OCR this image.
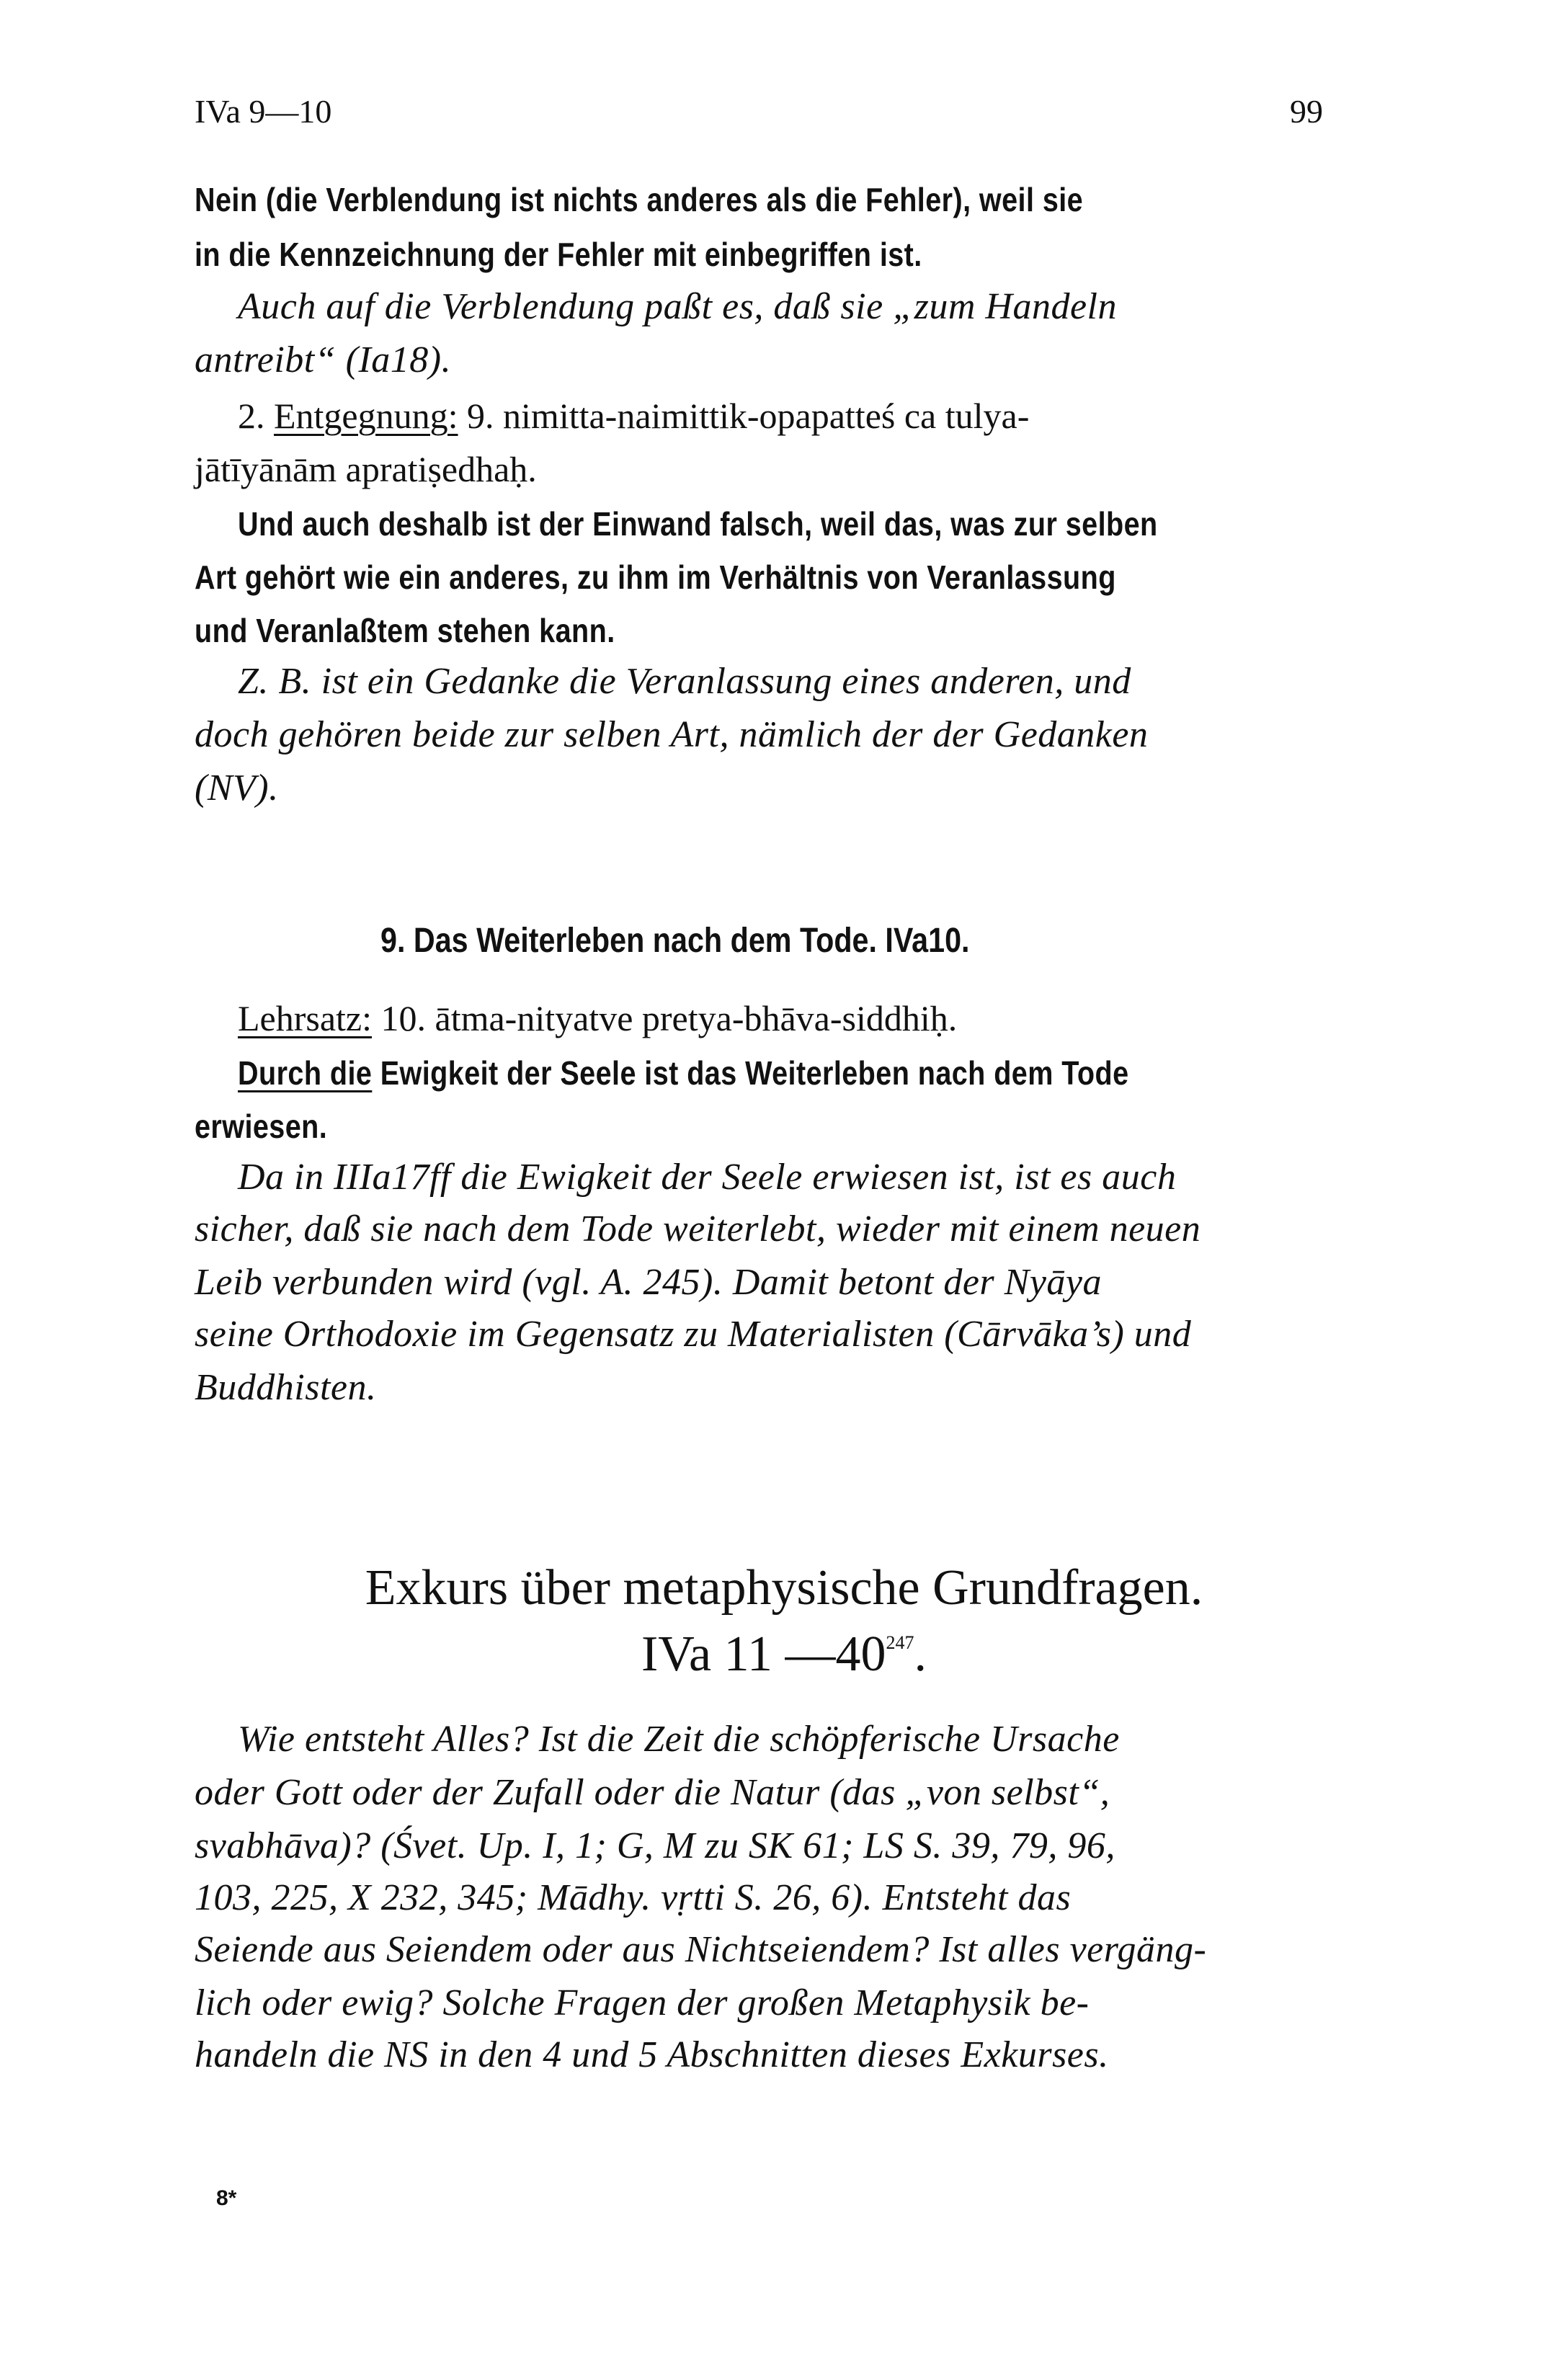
IVa 9—10	99
Nein (die Verblendung ist nichts anderes als die Fehler), weil sie
in die Kennzeichnung der Fehler mit einbegriffen ist.
Auch auf die Verblendung paßt es, daß sie „zum Handeln
antreibt“ (Ia18).
2. Entgegnung: 9. nimitta-naimittik-opapatteś ca tulya-
jātīyānām apratiṣedhaḥ.
Und auch deshalb ist der Einwand falsch, weil das, was zur selben
Art gehört wie ein anderes, zu ihm im Verhältnis von Veranlassung
und Veranlaßtem stehen kann.
Z. B. ist ein Gedanke die Veranlassung eines anderen, und
doch gehören beide zur selben Art, nämlich der der Gedanken
(NV).
9. Das Weiterleben nach dem Tode. IVa10.
Lehrsatz: 10. ātma-nityatve pretya-bhāva-siddhiḥ.
Durch die Ewigkeit der Seele ist das Weiterleben nach dem Tode
erwiesen.
Da in IIIa17ff die Ewigkeit der Seele erwiesen ist, ist es auch
sicher, daß sie nach dem Tode weiterlebt, wieder mit einem neuen
Leib verbunden wird (vgl. A. 245). Damit betont der Nyāya
seine Orthodoxie im Gegensatz zu Materialisten (Cārvāka’s) und
Buddhisten.
Exkurs über metaphysische Grundfragen.
IVa 11 $—40^{247}$.
Wie entsteht Alles? Ist die Zeit die schöpferische Ursache
oder Gott oder der Zufall oder die Natur (das „von selbst“,
svabhāva)? (Śvet. Up. I, 1; G, M zu SK 61; LS S. 39, 79, 96,
103, 225, X 232, 345; Mādhy. vṛtti S. 26, 6). Entsteht das
Seiende aus Seiendem oder aus Nichtseiendem? Ist alles vergäng-
lich oder ewig? Solche Fragen der großen Metaphysik be-
handeln die NS in den 4 und 5 Abschnitten dieses Exkurses.
8*
